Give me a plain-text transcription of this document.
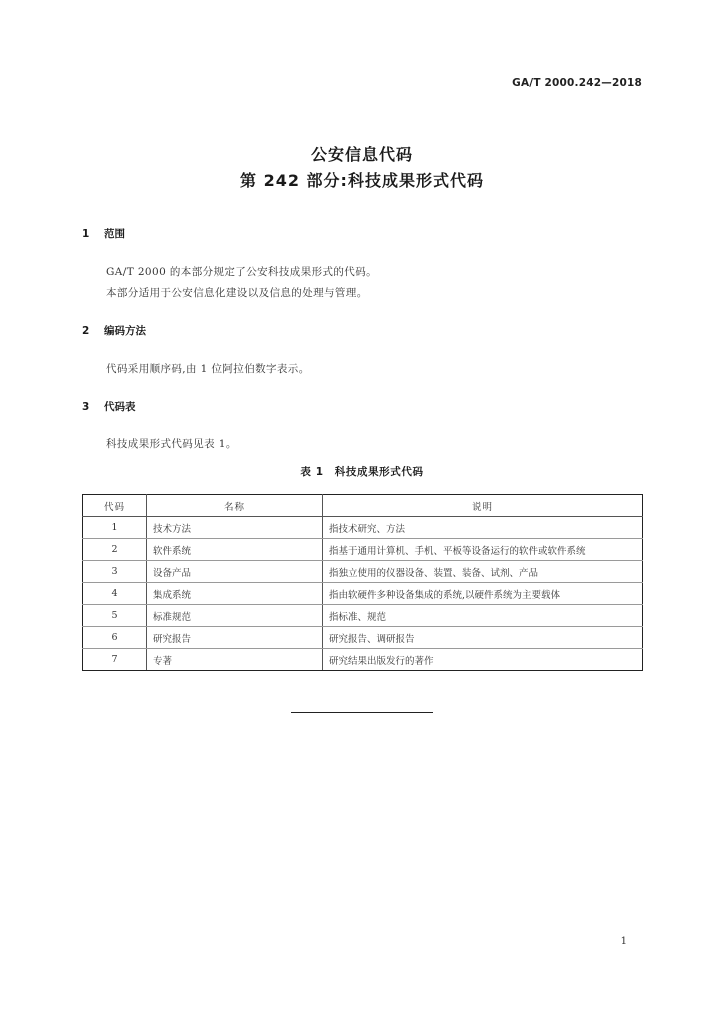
GA/T 2000.242—2018
公安信息代码
第 242 部分:科技成果形式代码
1 范围
GA/T 2000 的本部分规定了公安科技成果形式的代码。
本部分适用于公安信息化建设以及信息的处理与管理。
2 编码方法
代码采用顺序码,由 1 位阿拉伯数字表示。
3 代码表
科技成果形式代码见表 1。
表 1　科技成果形式代码
代码	名称	说明
1	技术方法	指技术研究、方法
2	软件系统	指基于通用计算机、手机、平板等设备运行的软件或软件系统
3	设备产品	指独立使用的仪器设备、装置、装备、试剂、产品
4	集成系统	指由软硬件多种设备集成的系统,以硬件系统为主要载体
5	标准规范	指标准、规范
6	研究报告	研究报告、调研报告
7	专著	研究结果出版发行的著作
1
